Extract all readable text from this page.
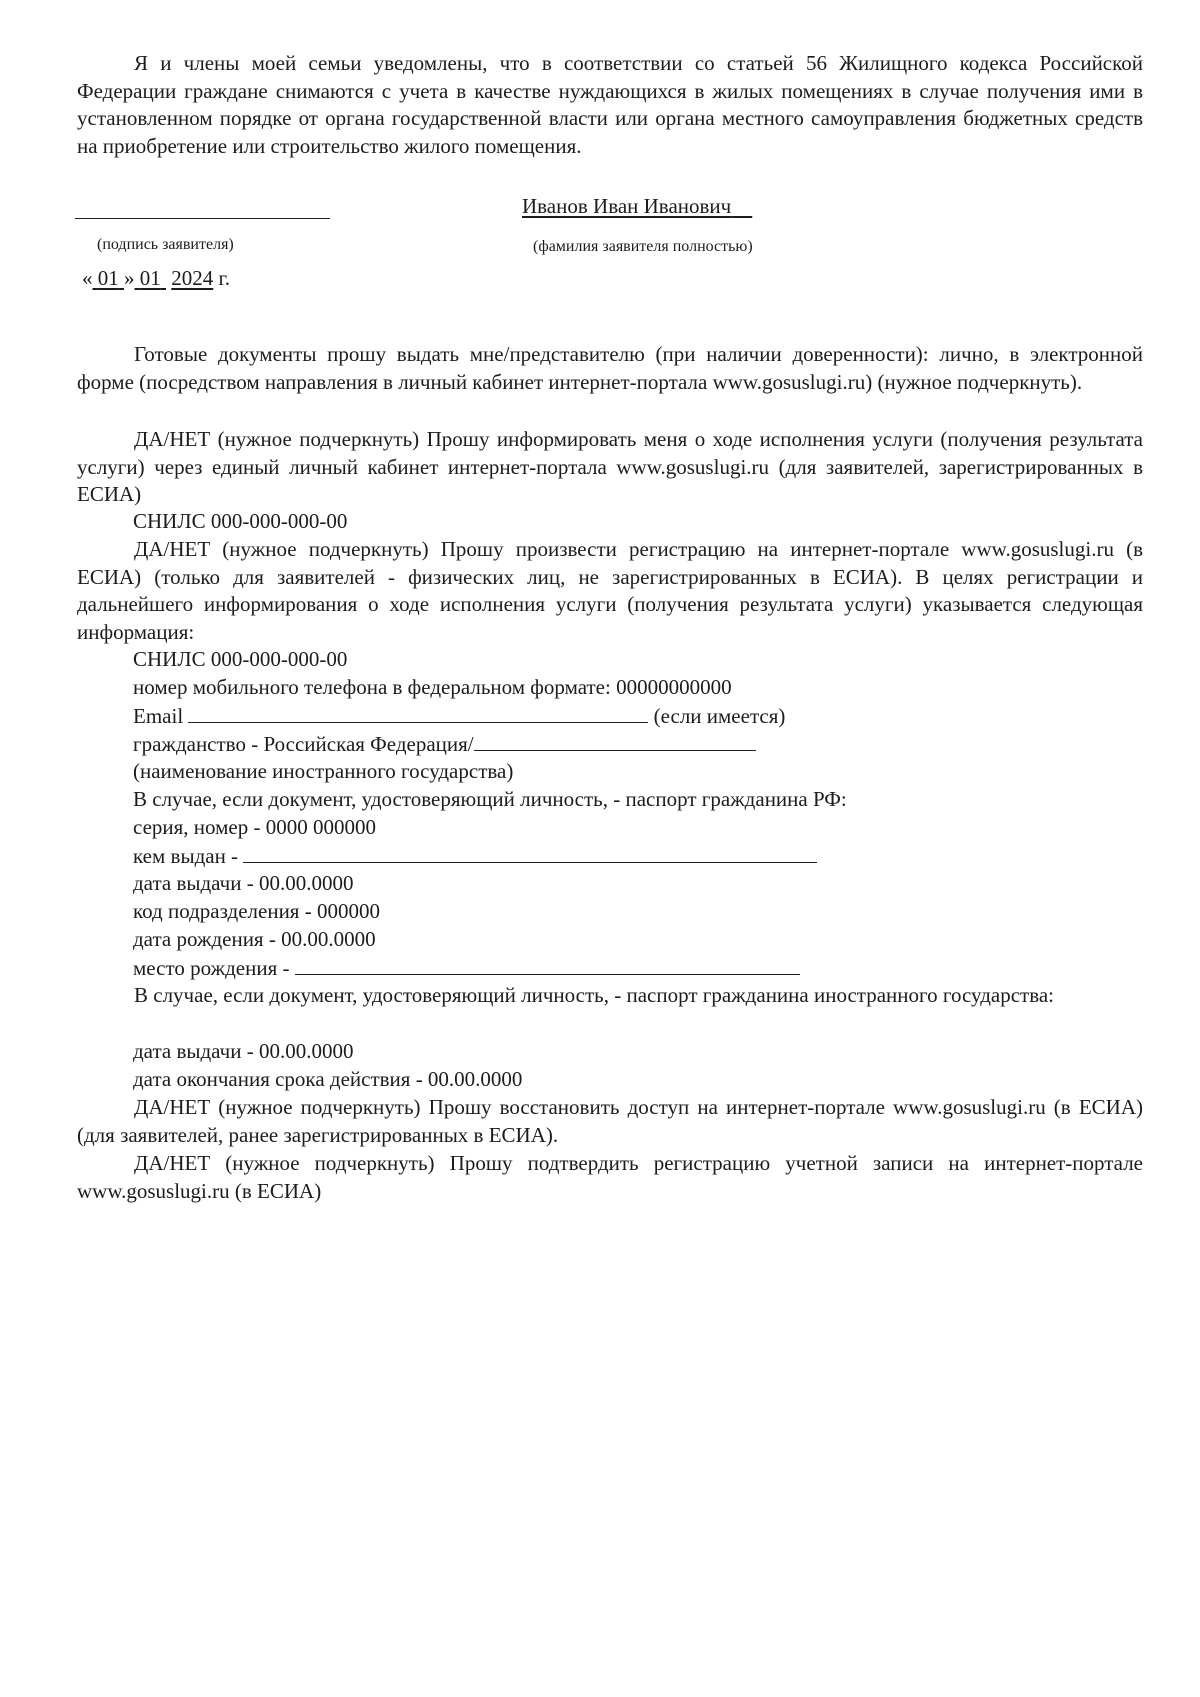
Я и члены моей семьи уведомлены, что в соответствии со статьей 56 Жилищного кодекса Российской Федерации граждане снимаются с учета в качестве нуждающихся в жилых помещениях в случае получения ими в установленном порядке от органа государственной власти или органа местного самоуправления бюджетных средств на приобретение или строительство жилого помещения.
(подпись заявителя)
Иванов Иван Иванович
(фамилия заявителя полностью)
« 01 » 01 2024 г.
Готовые документы прошу выдать мне/представителю (при наличии доверенности): лично, в электронной форме (посредством направления в личный кабинет интернет-портала www.gosuslugi.ru) (нужное подчеркнуть).
ДА/НЕТ (нужное подчеркнуть) Прошу информировать меня о ходе исполнения услуги (получения результата услуги) через единый личный кабинет интернет-портала www.gosuslugi.ru (для заявителей, зарегистрированных в ЕСИА)
СНИЛС 000-000-000-00
ДА/НЕТ (нужное подчеркнуть) Прошу произвести регистрацию на интернет-портале www.gosuslugi.ru (в ЕСИА) (только для заявителей - физических лиц, не зарегистрированных в ЕСИА). В целях регистрации и дальнейшего информирования о ходе исполнения услуги (получения результата услуги) указывается следующая информация:
СНИЛС 000-000-000-00
номер мобильного телефона в федеральном формате: 00000000000
Email	(если имеется)
гражданство - Российская Федерация/
(наименование иностранного государства)
В случае, если документ, удостоверяющий личность, - паспорт гражданина РФ:
серия, номер - 0000 000000
кем выдан -
дата выдачи - 00.00.0000
код подразделения - 000000
дата рождения - 00.00.0000
место рождения -
В случае, если документ, удостоверяющий личность, - паспорт гражданина иностранного государства:
дата выдачи - 00.00.0000
дата окончания срока действия - 00.00.0000
ДА/НЕТ (нужное подчеркнуть) Прошу восстановить доступ на интернет-портале www.gosuslugi.ru (в ЕСИА) (для заявителей, ранее зарегистрированных в ЕСИА).
ДА/НЕТ (нужное подчеркнуть) Прошу подтвердить регистрацию учетной записи на интернет-портале www.gosuslugi.ru (в ЕСИА)
